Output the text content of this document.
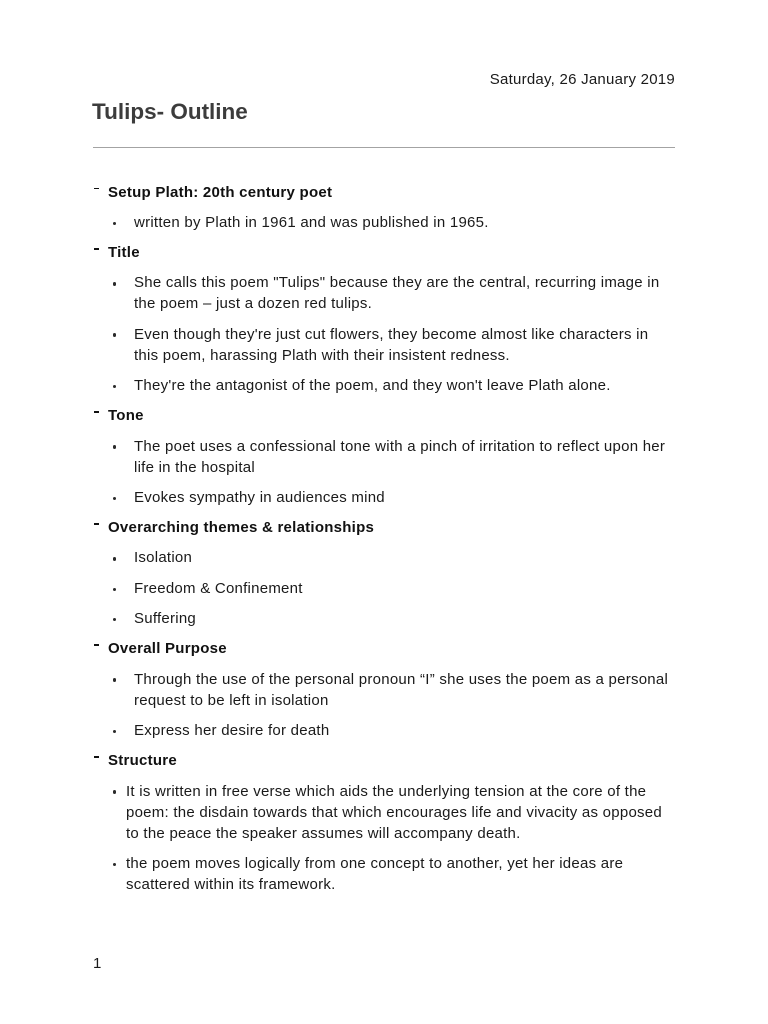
Saturday, 26 January 2019
Tulips- Outline
Setup Plath: 20th century poet
written by Plath in 1961 and was published in 1965.
Title
She calls this poem "Tulips" because they are the central, recurring image in
the poem – just a dozen red tulips.
Even though they're just cut flowers, they become almost like characters in
this poem, harassing Plath with their insistent redness.
They're the antagonist of the poem, and they won't leave Plath alone.
Tone
The poet uses a confessional tone with a pinch of irritation to reflect upon her
life in the hospital
Evokes sympathy in audiences mind
Overarching themes & relationships
Isolation
Freedom & Confinement
Suffering
Overall Purpose
Through the use of the personal pronoun “I” she uses the poem as a personal
request to be left in isolation
Express her desire for death
Structure
It is written in free verse which aids the underlying tension at the core of the
poem: the disdain towards that which encourages life and vivacity as opposed
to the peace the speaker assumes will accompany death.
the poem moves logically from one concept to another, yet her ideas are
scattered within its framework.
1
